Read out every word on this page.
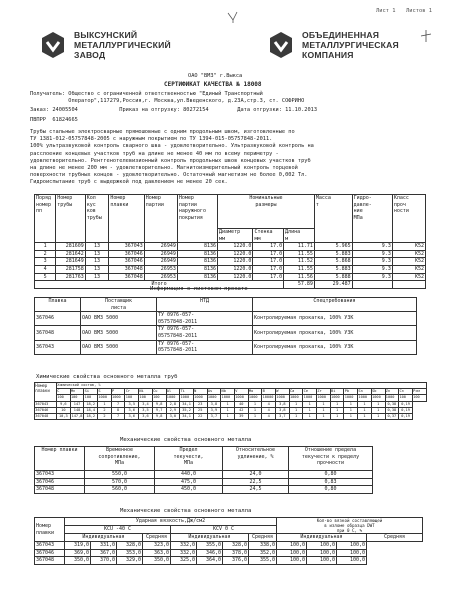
Лист 1 Листов 1
ВЫКСУНСКИЙ
МЕТАЛЛУРГИЧЕСКИЙ
ЗАВОД
ОБЪЕДИНЕННАЯ
МЕТАЛЛУРГИЧЕСКАЯ
КОМПАНИЯ
ОАО "ВМЗ" г.Выкса
СЕРТИФИКАТ КАЧЕСТВА № 18008
Получатель: Общество с ограниченной ответственностью "Единый Транспортный
Оператор",117279,Россия,г. Москва,ул.Введенского, д.23А,стр.3, ст. СОФРИНО
Заказ: 24005504             Приказ на отгрузку: 80272154         Дата отгрузки: 11.10.2013
ПВПРР  61824665
Трубы стальные электросварные прямошовные с одним продольным швом, изготовленные по
ТУ 1381-012-05757848-2005 с наружным покрытием по ТУ 1394-015-05757848-2011.
100% ультразвуковой контроль сварного шва - удовлетворительно. Ультразвуковой контроль на
расслоение концевых участков труб на длине не менее 40 мм по всему периметру -
удовлетворительно. Рентгенотелевизионный контроль продольных швов концевых участков труб
на длине не менее 200 мм - удовлетворительно. Магнитоизмерительный контроль торцевой
поверхности трубных концов - удовлетворительно. Остаточный магнетизм не более 0,002 Тл.
Гидроиспытание труб с выдержкой под давлением не менее 20 сек.
Поряд
номер
пп	Номер
трубы	Кол
кус
ков
трубы	Номер
плавки	Номер
партии	Номер
партии
наружного
покрытия	Номинальные
размеры			Масса
т	Гидро-
давле-
ние
МПа	Класс
проч
ности
						Диаметр
мм	Стенка
мм	Длина
м			
1	281609	13	367043	26949	8136	1220.0	17.0	11.71	5.965	9.3	К52
2	281642	13	367046	26949	8136	1220.0	17.0	11.55	5.883	9.3	К52
3	281649	13	367046	26949	8136	1220.0	17.0	11.52	5.868	9.3	К52
4	281758	13	367048	26953	8136	1220.0	17.0	11.55	5.883	9.3	К52
5	281763	13	367048	26953	8136	1220.0	17.0	11.56	5.888	9.3	К52
Итого								57.89	29.487		
Информация о листовом прокате
Плавка	Поставщик
листа	НТД	Спецтребования
367046	ОАО ВМЗ 5000	ТУ 0976-057-
05757848-2011	Контролируемая прокатка, 100% УЗК
367048	ОАО ВМЗ 5000	ТУ 0976-057-
05757848-2011	Контролируемая прокатка, 100% УЗК
367043	ОАО ВМЗ 5000	ТУ 0976-057-
05757848-2011	Контролируемая прокатка, 100% УЗК
Химические свойства основного металла труб
Номер
плавки	Химический состав, %																										
	C	Mn	Si	S	P	Cr	Ni	Cu	Al	Ti	N	As	Nb	V	Mo	B	W	Ca	Ce	Zr	Bi	Pb	Sn	Sb	Zn	Cэ	Рсм
	100	100	100	1000	1000	100	100	100	1000	1000	1000	1000	1000	1000	1000	10000	1000	1000	1000	1000	1000	1000	1000	1000	1000	100	100
367043	9,6	147	18,2	1	7	3,5	3,4	9,8	2,8	34,1	23	3,8	1	40	1	4	3,8	1	1	1	1	1	1	1	0,38	0,19	
367046	10	148	18,4	2	8	3,6	3,5	9,7	2,9	35,2	25	3,9	1	42	1	4	3,8	1	1	1	1	1	1	1	0,38	0,19	
367048	10,3	147,8	18,2	2	7	3,6	3,6	9,8	3,0	34,1	22	3,7	1	39	1	4	3,7	1	1	1	1	1	1	1	0,37	0,19	
Механические свойства основного металла
Номер плавки	Временное
сопротивление,
МПа	Предел
текучести,
МПа	Относительное
удлинение, %	Отношение предела
текучести к пределу
прочности
367043	550,0	440,0	24,0	0,80
367046	570,0	475,0	22,5	0,83
367048	560,0	450,0	24,5	0,80
Механические свойства основного металла
Номер
плавки	Ударная вязкость,Дж/см2								Кол-во вязкой составляющей
в изломе образца DWT
при 0 C, %			
	KCU -40 C				KCV 0 C							
	Индивидуальная			Средняя	Индивидуальная			Средняя	Индивидуальная			Средняя
367043	319,0	331,0	328,0	323,0	332,0	355,0	328,0	338,0	100,0	100,0	100,0	
367046	369,0	367,0	353,0	363,0	332,0	346,0	378,0	352,0	100,0	100,0	100,0	
367048	350,0	370,0	329,0	350,0	325,0	364,0	376,0	355,0	100,0	100,0	100,0	
